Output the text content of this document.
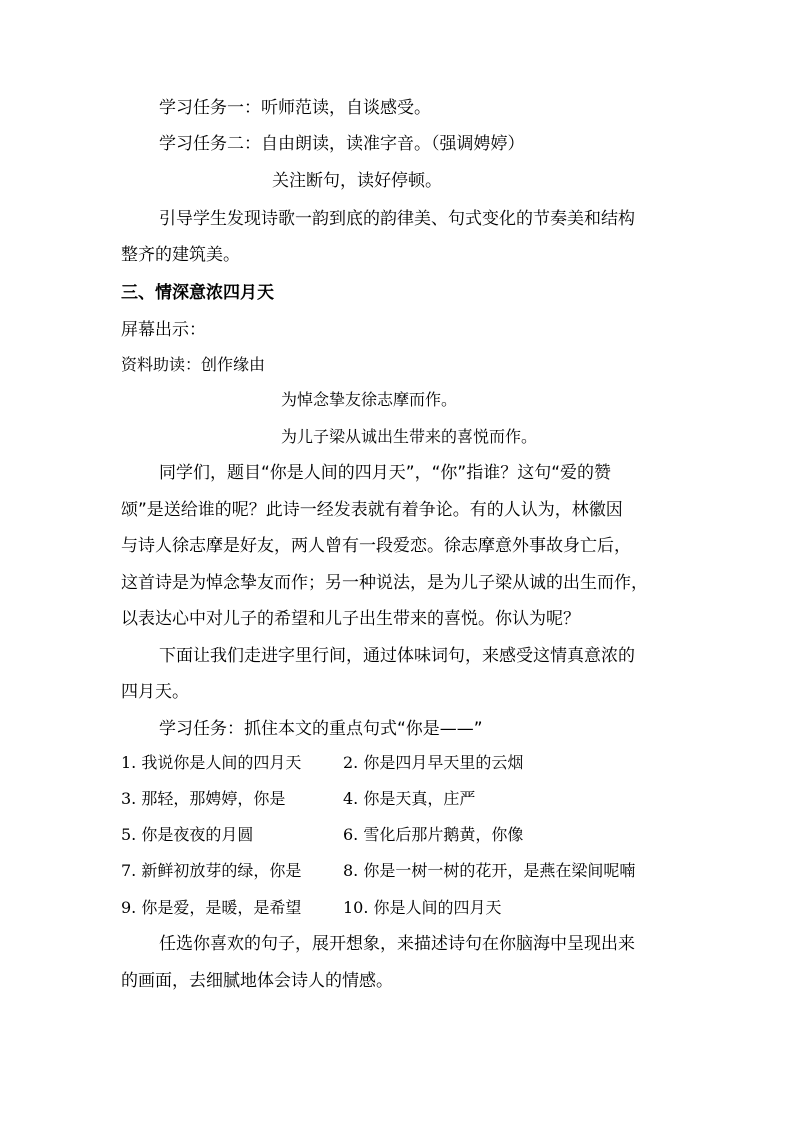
学习任务一：听师范读，自谈感受。
学习任务二：自由朗读，读准字音。（强调娉婷）
关注断句，读好停顿。
引导学生发现诗歌一韵到底的韵律美、句式变化的节奏美和结构
整齐的建筑美。
三、情深意浓四月天
屏幕出示：
资料助读：创作缘由
为悼念挚友徐志摩而作。
为儿子梁从诚出生带来的喜悦而作。
同学们，题目“你是人间的四月天”，“你”指谁？这句“爱的赞
颂”是送给谁的呢？此诗一经发表就有着争论。有的人认为，林徽因
与诗人徐志摩是好友，两人曾有一段爱恋。徐志摩意外事故身亡后，
这首诗是为悼念挚友而作；另一种说法，是为儿子梁从诚的出生而作，
以表达心中对儿子的希望和儿子出生带来的喜悦。你认为呢？
下面让我们走进字里行间，通过体味词句，来感受这情真意浓的
四月天。
学习任务：抓住本文的重点句式“你是——”
1. 我说你是人间的四月天	2. 你是四月早天里的云烟
3. 那轻，那娉婷，你是	4. 你是天真，庄严
5. 你是夜夜的月圆	6. 雪化后那片鹅黄，你像
7. 新鲜初放芽的绿，你是	8. 你是一树一树的花开，是燕在梁间呢喃
9. 你是爱，是暖，是希望	10. 你是人间的四月天
任选你喜欢的句子，展开想象，来描述诗句在你脑海中呈现出来
的画面，去细腻地体会诗人的情感。
